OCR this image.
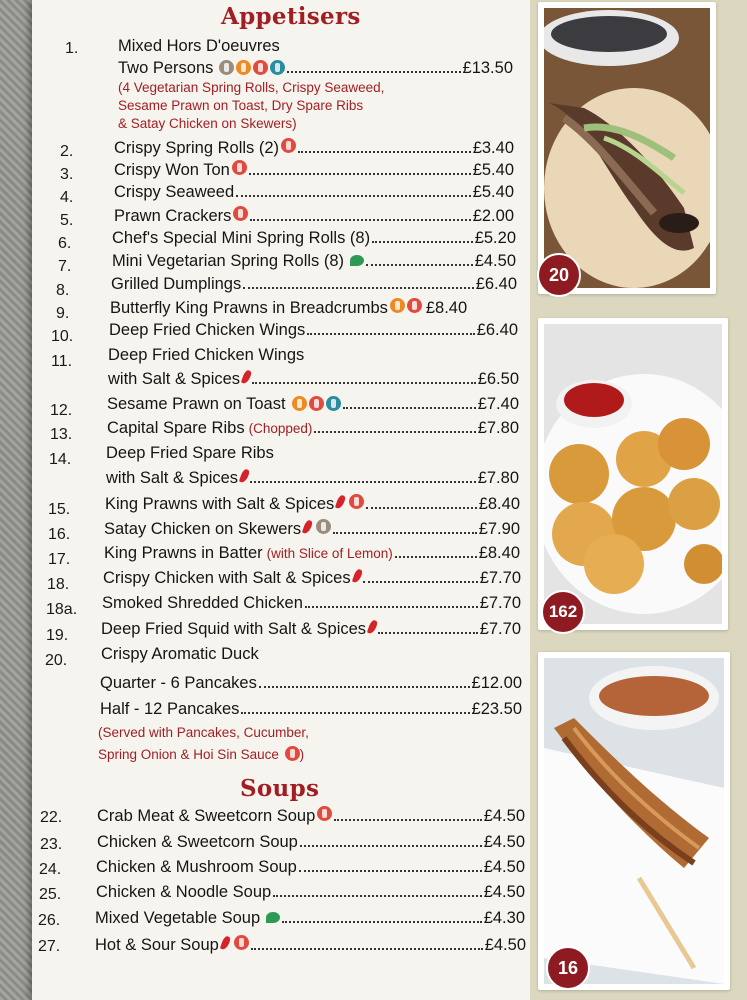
20
162
16
Appetisers
Soups
1. Mixed Hors D'oeuvres
Two Persons	£13.50
(4 Vegetarian Spring Rolls, Crispy Seaweed,
Sesame Prawn on Toast, Dry Spare Ribs
& Satay Chicken on Skewers)
2. Crispy Spring Rolls (2)	£3.40
3. Crispy Won Ton	£5.40
4. Crispy Seaweed	£5.40
5. Prawn Crackers	£2.00
6. Chef's Special Mini Spring Rolls (8)	£5.20
7. Mini Vegetarian Spring Rolls (8)	£4.50
8.	Grilled Dumplings	£6.40
9. Butterfly King Prawns in Breadcrumbs £8.40
10. Deep Fried Chicken Wings	£6.40
11. Deep Fried Chicken Wings
with Salt & Spices	£6.50
12. Sesame Prawn on Toast	£7.40
13. Capital Spare Ribs (Chopped)	£7.80
14. Deep Fried Spare Ribs
with Salt & Spices	£7.80
15. King Prawns with Salt & Spices	£8.40
16. Satay Chicken on Skewers	£7.90
17. King Prawns in Batter (with Slice of Lemon)	£8.40
18. Crispy Chicken with Salt & Spices	£7.70
18a. Smoked Shredded Chicken	£7.70
19. Deep Fried Squid with Salt & Spices	£7.70
20. Crispy Aromatic Duck
Quarter - 6 Pancakes	£12.00
Half - 12 Pancakes	£23.50
(Served with Pancakes, Cucumber,
Spring Onion & Hoi Sin Sauce )
22. Crab Meat & Sweetcorn Soup	£4.50
23. Chicken & Sweetcorn Soup	£4.50
24. Chicken & Mushroom Soup	£4.50
25. Chicken & Noodle Soup	£4.50
26. Mixed Vegetable Soup	£4.30
27. Hot & Sour Soup	£4.50
